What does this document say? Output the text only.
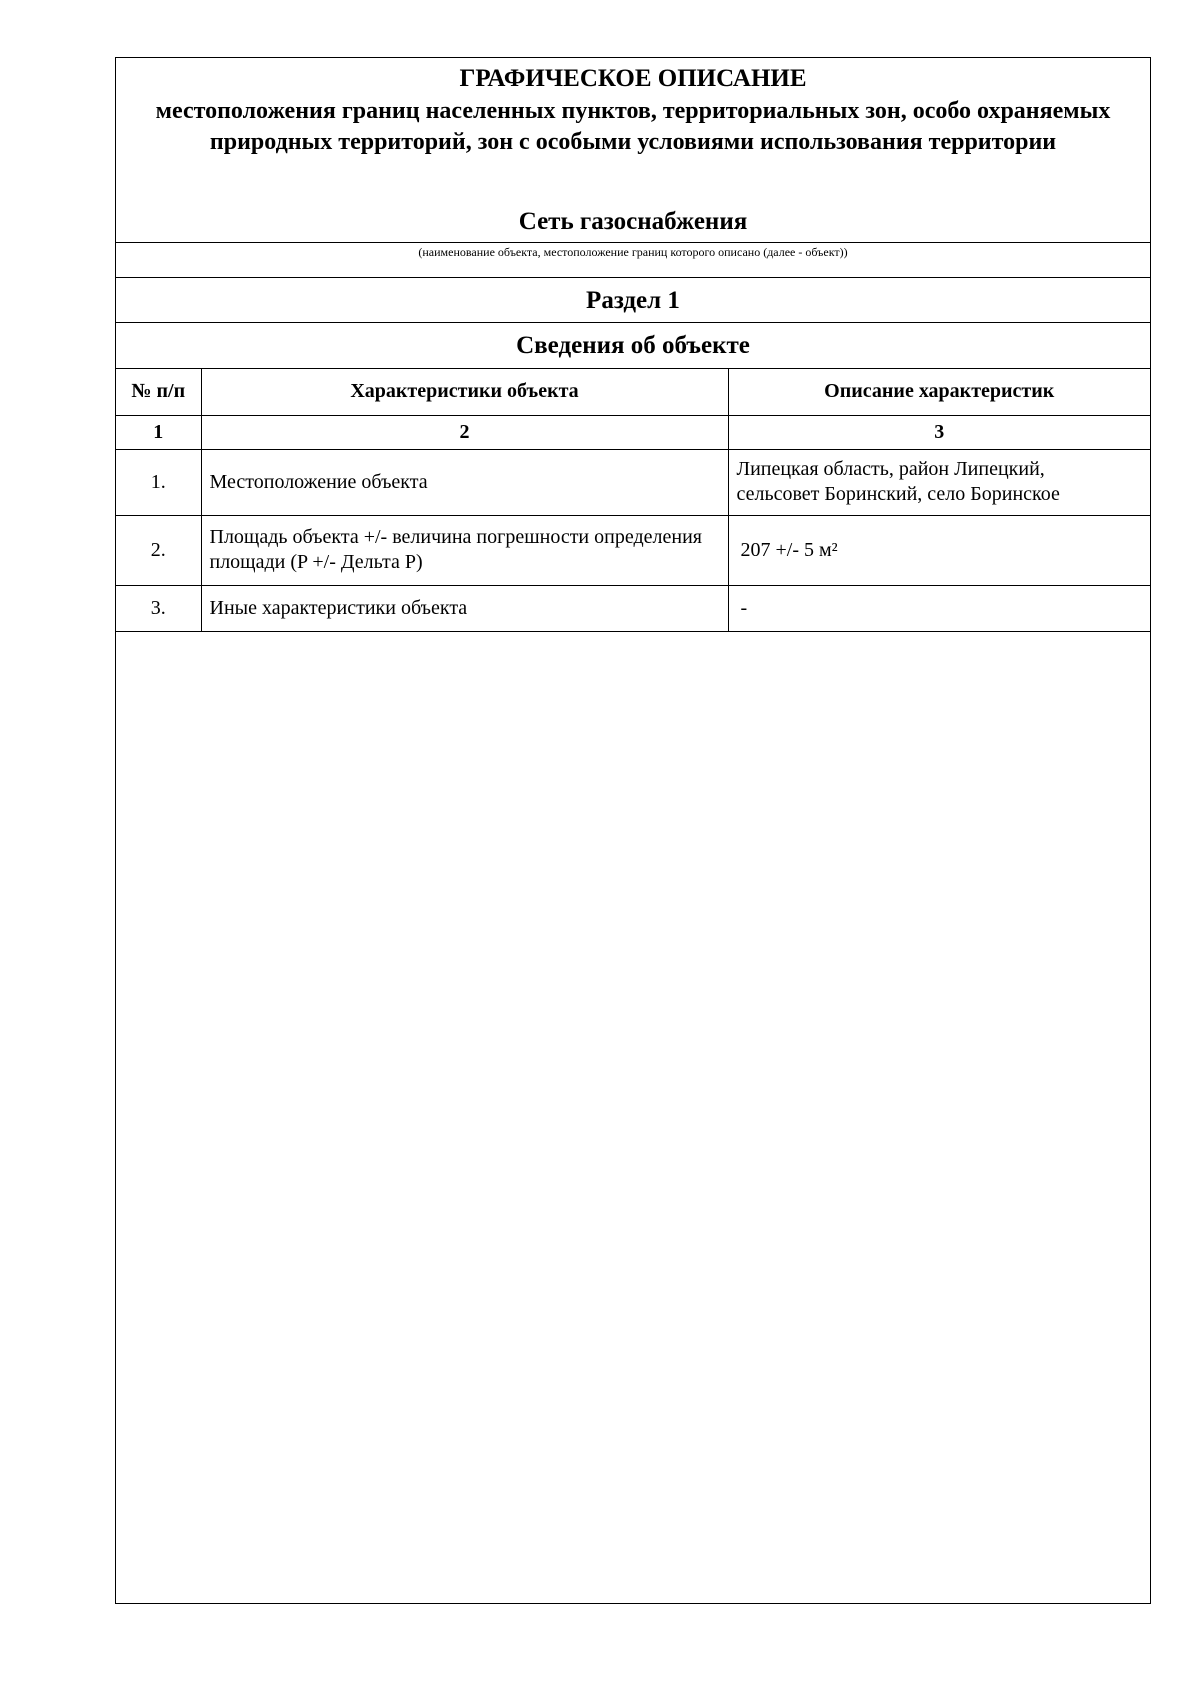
ГРАФИЧЕСКОЕ ОПИСАНИЕ
местоположения границ населенных пунктов, территориальных зон, особо охраняемых природных территорий, зон с особыми условиями использования территории
Сеть газоснабжения
(наименование объекта, местоположение границ которого описано (далее - объект))
Раздел 1
Сведения об объекте
№ п/п	Характеристики объекта	Описание характеристик
1	2	3
1.	Местоположение объекта	Липецкая область, район Липецкий, сельсовет Боринский, село Боринское
2.	Площадь объекта +/- величина погрешности определения площади (P +/- Дельта P)	207 +/- 5 м²
3.	Иные характеристики объекта	-
